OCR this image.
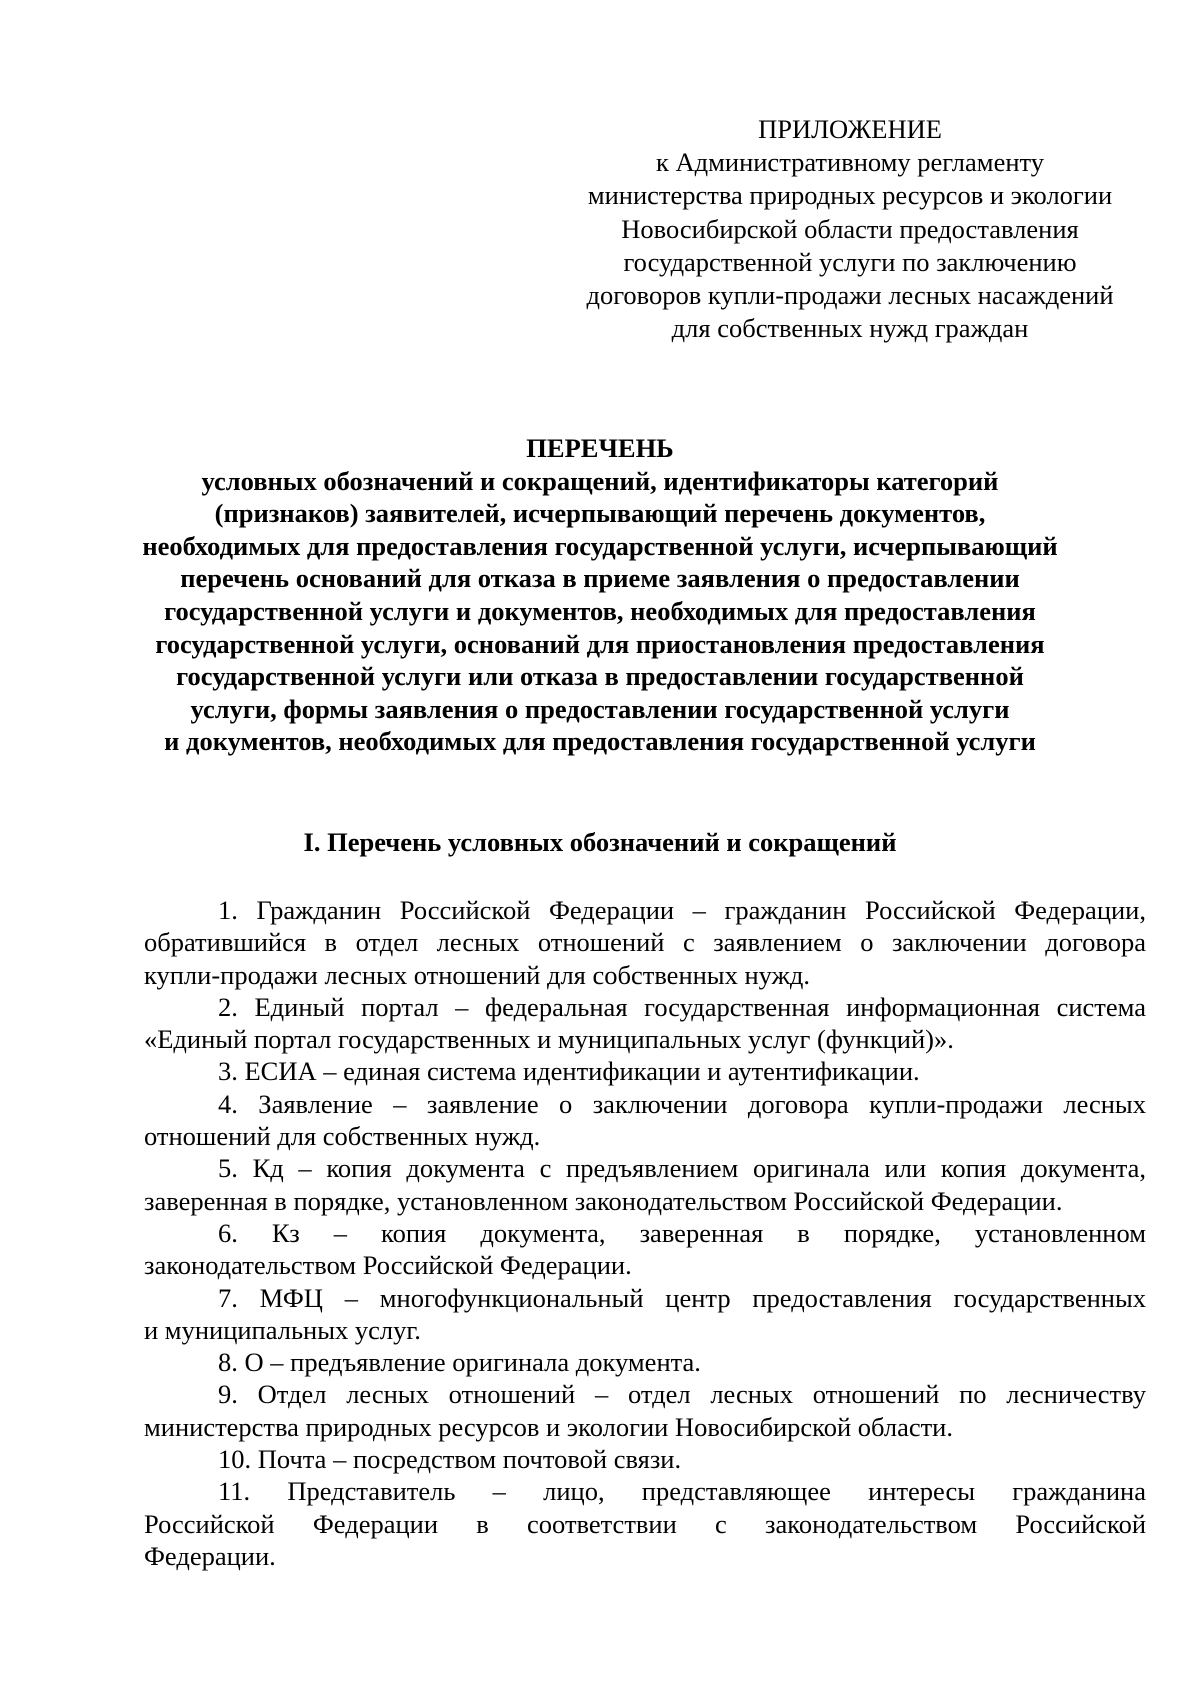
ПРИЛОЖЕНИЕ
к Административному регламенту
министерства природных ресурсов и экологии
Новосибирской области предоставления
государственной услуги по заключению
договоров купли-продажи лесных насаждений
для собственных нужд граждан
ПЕРЕЧЕНЬ
условных обозначений и сокращений, идентификаторы категорий
(признаков) заявителей, исчерпывающий перечень документов,
необходимых для предоставления государственной услуги, исчерпывающий
перечень оснований для отказа в приеме заявления о предоставлении
государственной услуги и документов, необходимых для предоставления
государственной услуги, оснований для приостановления предоставления
государственной услуги или отказа в предоставлении государственной
услуги, формы заявления о предоставлении государственной услуги
и документов, необходимых для предоставления государственной услуги
I. Перечень условных обозначений и сокращений
1. Гражданин Российской Федерации – гражданин Российской Федерации,
обратившийся в отдел лесных отношений с заявлением о заключении договора
купли-продажи лесных отношений для собственных нужд.
2. Единый портал – федеральная государственная информационная система
«Единый портал государственных и муниципальных услуг (функций)».
3. ЕСИА – единая система идентификации и аутентификации.
4. Заявление – заявление о заключении договора купли-продажи лесных
отношений для собственных нужд.
5. Кд – копия документа с предъявлением оригинала или копия документа,
заверенная в порядке, установленном законодательством Российской Федерации.
6. Кз – копия документа, заверенная в порядке, установленном
законодательством Российской Федерации.
7. МФЦ – многофункциональный центр предоставления государственных
и муниципальных услуг.
8. О – предъявление оригинала документа.
9. Отдел лесных отношений – отдел лесных отношений по лесничеству
министерства природных ресурсов и экологии Новосибирской области.
10. Почта – посредством почтовой связи.
11. Представитель – лицо, представляющее интересы гражданина
Российской Федерации в соответствии с законодательством Российской
Федерации.
